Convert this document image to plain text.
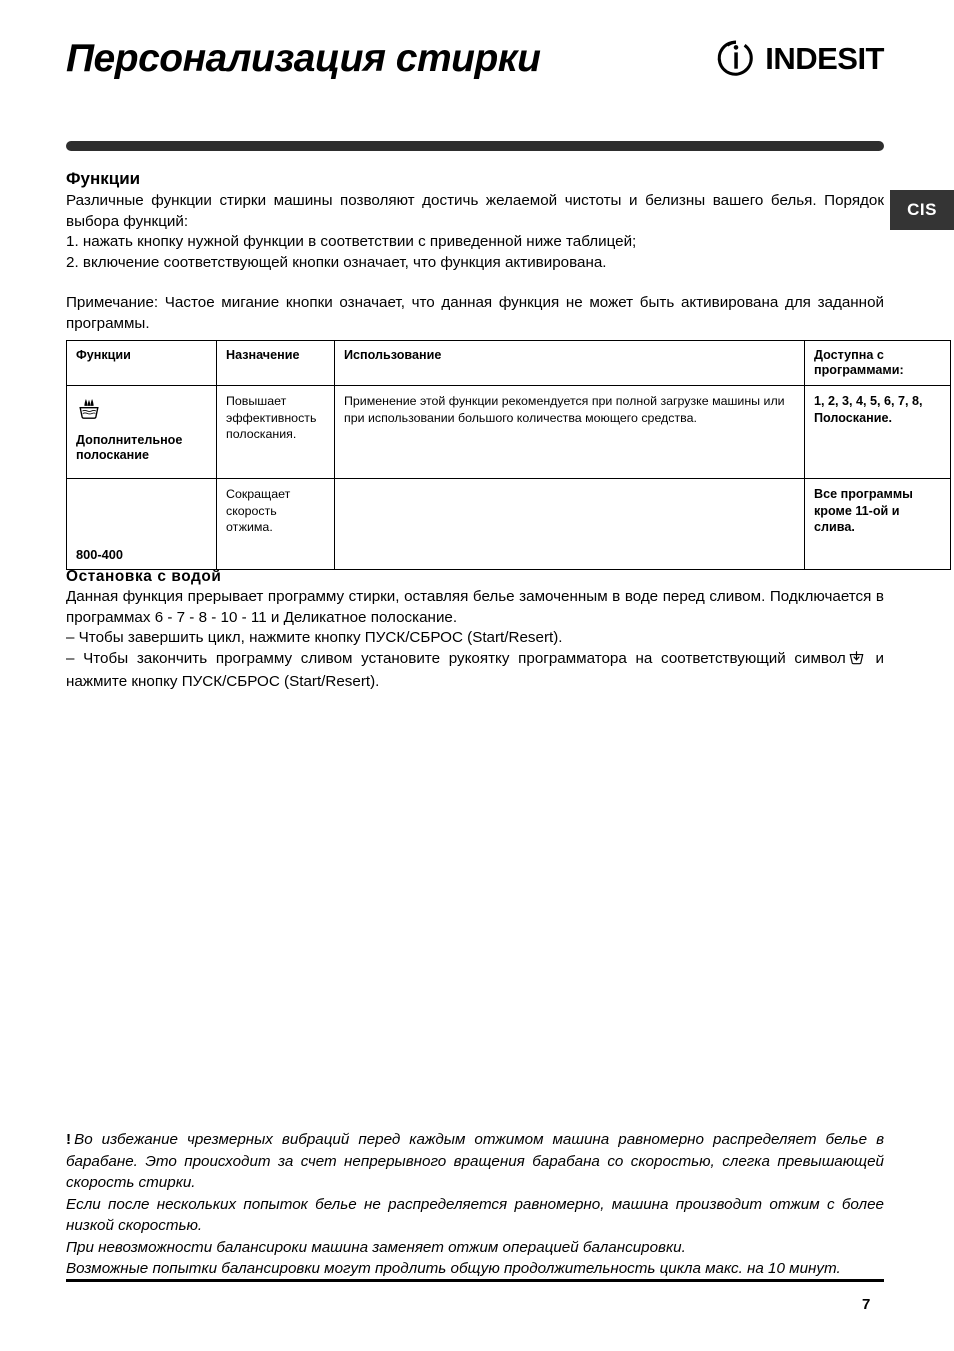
Персонализация стирки	INDESIT
CIS
Функции

Различные функции стирки машины позволяют достичь желаемой чистоты и белизны вашего белья. Порядок выбора функций:

1. нажать кнопку нужной функции в соответствии с приведенной ниже таблицей;

2. включение соответствующей кнопки означает, что функция активирована.

Примечание: Частое мигание кнопки означает, что данная функция не может быть активирована для заданной программы.

Функции	Назначение	Использование	Доступна с
программами:

Дополнительное полоскание	Повышает эффективность полоскания.	Применение этой функции рекомендуется при полной загрузке машины или при использовании большого количества моющего средства.	1, 2, 3, 4, 5, 6, 7, 8, Полоскание.

800-400	Сокращает скорость отжима.		Все программы кроме 11-ой и слива.
Остановка с водой

Данная функция прерывает программу стирки, оставляя белье замоченным в воде перед сливом. Подключается в программах 6 - 7 - 8 - 10 - 11 и Деликатное полоскание.

– Чтобы завершить цикл, нажмите кнопку ПУСК/СБРОС (Start/Resert).

– Чтобы закончить программу сливом установите рукоятку программатора на соответствующий символ и нажмите кнопку ПУСК/СБРОС (Start/Resert).

! Во избежание чрезмерных вибраций перед каждым отжимом машина равномерно распределяет белье в барабане. Это происходит за счет непрерывного вращения барабана со скоростью, слегка превышающей скорость стирки.

Если после нескольких попыток белье не распределяется равномерно, машина производит отжим с более низкой скоростью.

При невозможности балансироки машина заменяет отжим операцией балансировки.

Возможные попытки балансировки могут продлить общую продолжительность цикла макс. на 10 минут.

7
